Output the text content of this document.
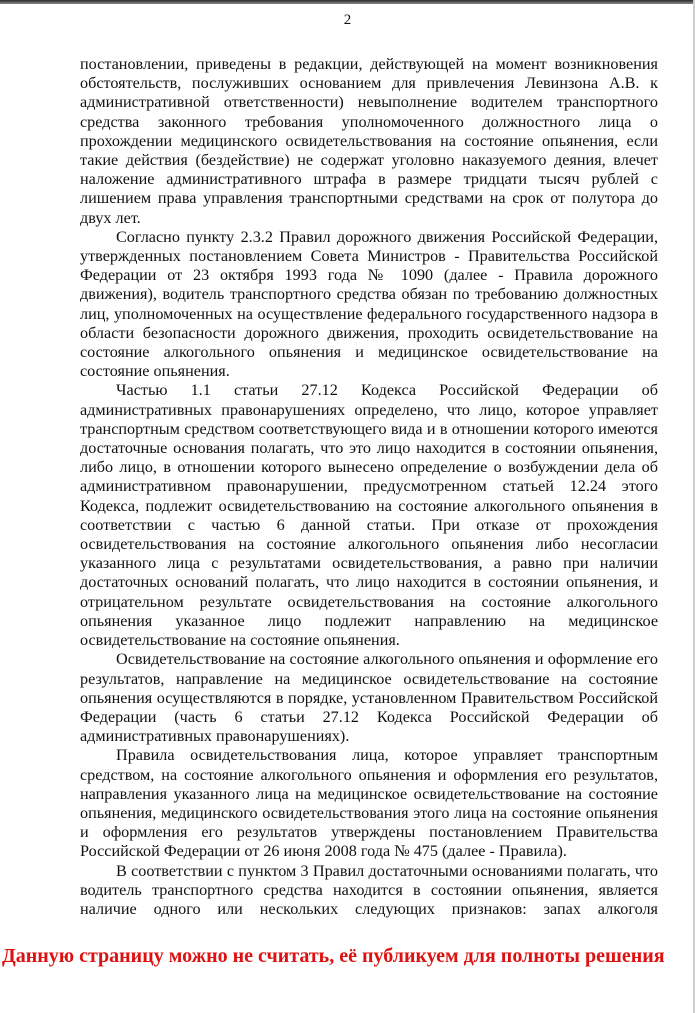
2

постановлении, приведены в редакции, действующей на момент возникновения обстоятельств, послуживших основанием для привлечения Левинзона А.В. к административной ответственности) невыполнение водителем транспортного средства законного требования уполномоченного должностного лица о прохождении медицинского освидетельствования на состояние опьянения, если такие действия (бездействие) не содержат уголовно наказуемого деяния, влечет наложение административного штрафа в размере тридцати тысяч рублей с лишением права управления транспортными средствами на срок от полутора до двух лет.

Согласно пункту 2.3.2 Правил дорожного движения Российской Федерации, утвержденных постановлением Совета Министров - Правительства Российской Федерации от 23 октября 1993 года № 1090 (далее - Правила дорожного движения), водитель транспортного средства обязан по требованию должностных лиц, уполномоченных на осуществление федерального государственного надзора в области безопасности дорожного движения, проходить освидетельствование на состояние алкогольного опьянения и медицинское освидетельствование на состояние опьянения.

Частью 1.1 статьи 27.12 Кодекса Российской Федерации об административных правонарушениях определено, что лицо, которое управляет транспортным средством соответствующего вида и в отношении которого имеются достаточные основания полагать, что это лицо находится в состоянии опьянения, либо лицо, в отношении которого вынесено определение о возбуждении дела об административном правонарушении, предусмотренном статьей 12.24 этого Кодекса, подлежит освидетельствованию на состояние алкогольного опьянения в соответствии с частью 6 данной статьи. При отказе от прохождения освидетельствования на состояние алкогольного опьянения либо несогласии указанного лица с результатами освидетельствования, а равно при наличии достаточных оснований полагать, что лицо находится в состоянии опьянения, и отрицательном результате освидетельствования на состояние алкогольного опьянения указанное лицо подлежит направлению на медицинское освидетельствование на состояние опьянения.

Освидетельствование на состояние алкогольного опьянения и оформление его результатов, направление на медицинское освидетельствование на состояние опьянения осуществляются в порядке, установленном Правительством Российской Федерации (часть 6 статьи 27.12 Кодекса Российской Федерации об административных правонарушениях).

Правила освидетельствования лица, которое управляет транспортным средством, на состояние алкогольного опьянения и оформления его результатов, направления указанного лица на медицинское освидетельствование на состояние опьянения, медицинского освидетельствования этого лица на состояние опьянения и оформления его результатов утверждены постановлением Правительства Российской Федерации от 26 июня 2008 года № 475 (далее - Правила).

В соответствии с пунктом 3 Правил достаточными основаниями полагать, что водитель транспортного средства находится в состоянии опьянения, является наличие одного или нескольких следующих признаков: запах алкоголя

Данную страницу можно не считать, её публикуем для полноты решения
